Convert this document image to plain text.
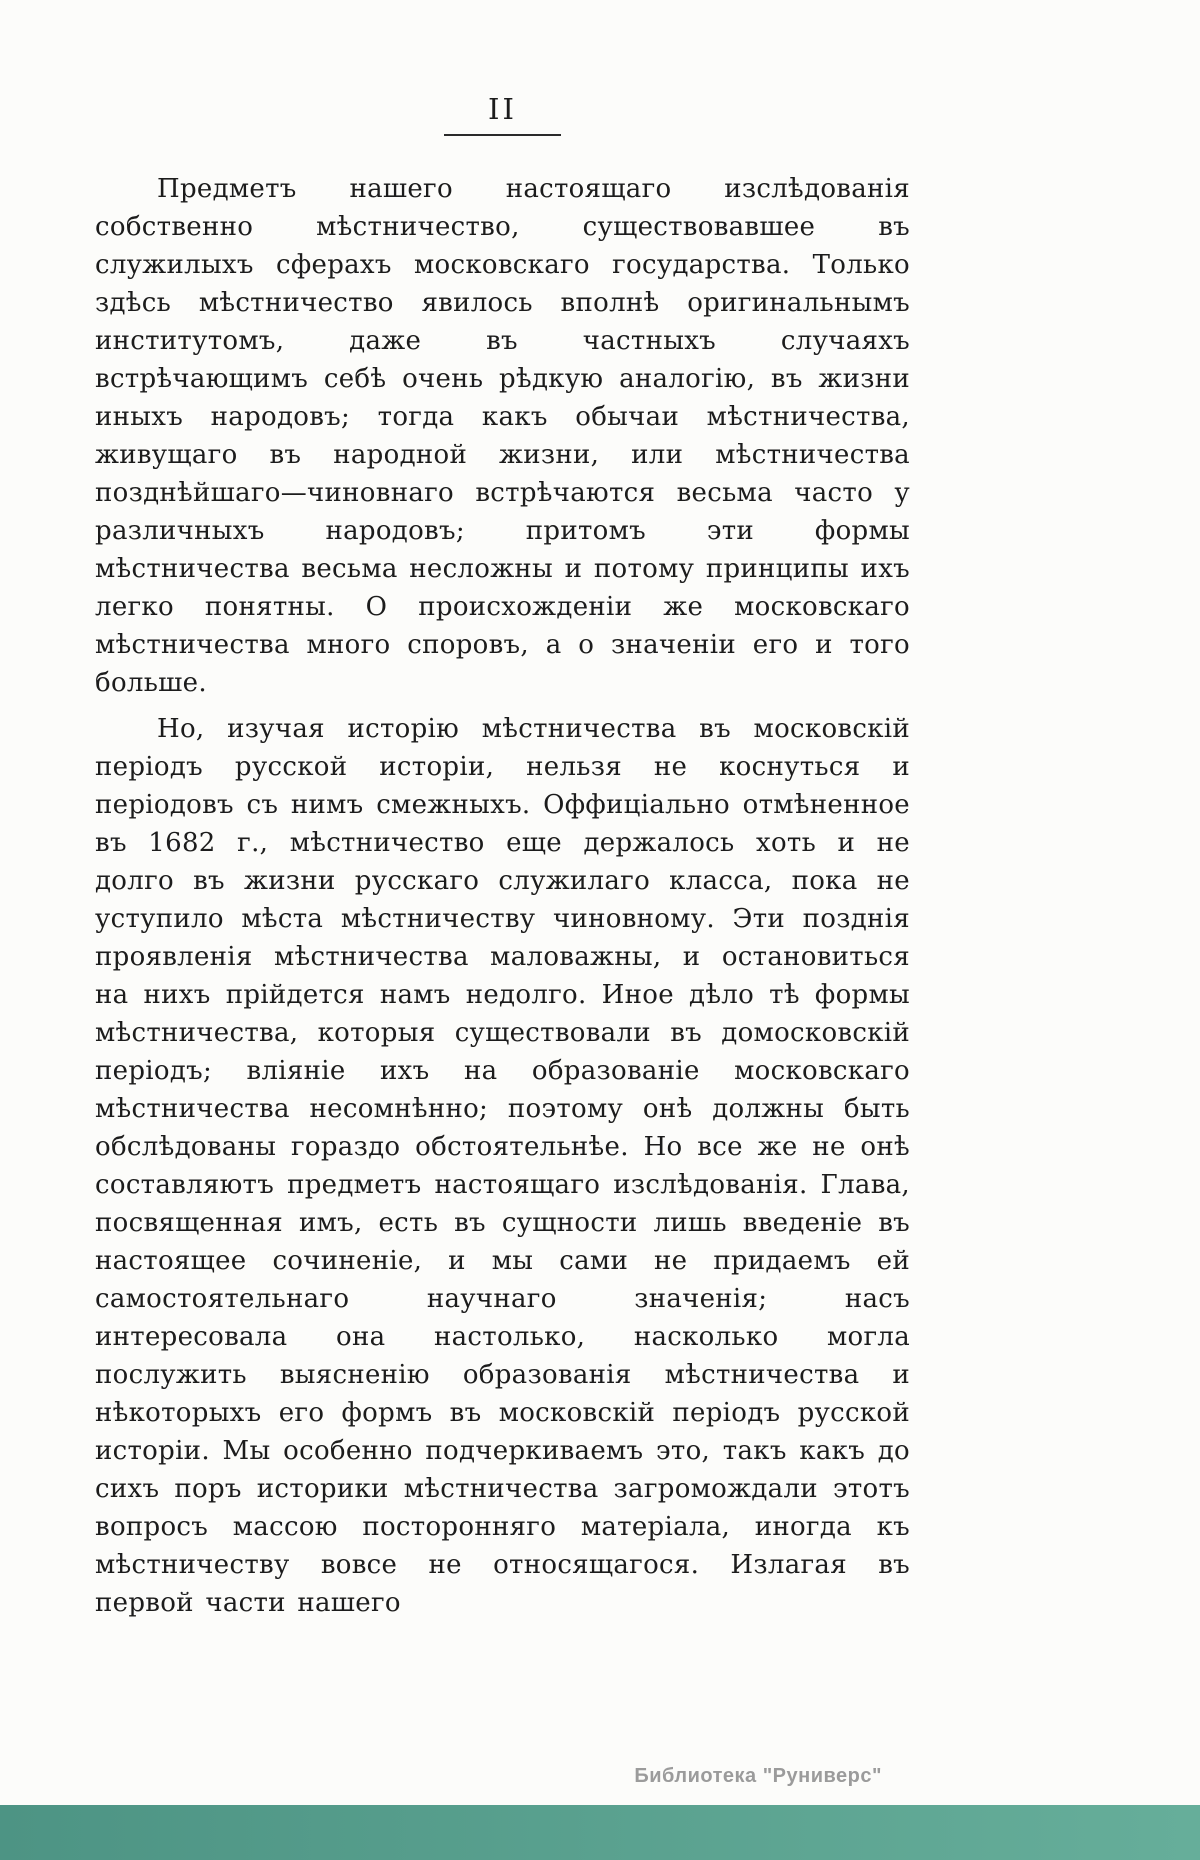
II

Предметъ нашего настоящаго изслѣдованія собственно мѣстничество, существовавшее въ служилыхъ сферахъ московскаго государства. Только здѣсь мѣстничество явилось вполнѣ оригинальнымъ институтомъ, даже въ частныхъ случаяхъ встрѣчающимъ себѣ очень рѣдкую аналогію, въ жизни иныхъ народовъ; тогда какъ обычаи мѣстничества, живущаго въ народной жизни, или мѣстничества позднѣйшаго—чиновнаго встрѣчаются весьма часто у различныхъ народовъ; притомъ эти формы мѣстничества весьма несложны и потому принципы ихъ легко понятны. О происхожденіи же московскаго мѣстничества много споровъ, а о значеніи его и того больше.

Но, изучая исторію мѣстничества въ московскій періодъ русской исторіи, нельзя не коснуться и періодовъ съ нимъ смежныхъ. Оффиціально отмѣненное въ 1682 г., мѣстничество еще держалось хоть и не долго въ жизни русскаго служилаго класса, пока не уступило мѣста мѣстничеству чиновному. Эти позднія проявленія мѣстничества маловажны, и остановиться на нихъ прійдется намъ недолго. Иное дѣло тѣ формы мѣстничества, которыя существовали въ домосковскій періодъ; вліяніе ихъ на образованіе московскаго мѣстничества несомнѣнно; поэтому онѣ должны быть обслѣдованы гораздо обстоятельнѣе. Но все же не онѣ составляютъ предметъ настоящаго изслѣдованія. Глава, посвященная имъ, есть въ сущности лишь введеніе въ настоящее сочиненіе, и мы сами не придаемъ ей самостоятельнаго научнаго значенія; насъ интересовала она настолько, насколько могла послужить выясненію образованія мѣстничества и нѣкоторыхъ его формъ въ московскій періодъ русской исторіи. Мы особенно подчеркиваемъ это, такъ какъ до сихъ поръ историки мѣстничества загромождали этотъ вопросъ массою посторонняго матеріала, иногда къ мѣстничеству вовсе не относящагося. Излагая въ первой части нашего

Библиотека "Руниверс"
